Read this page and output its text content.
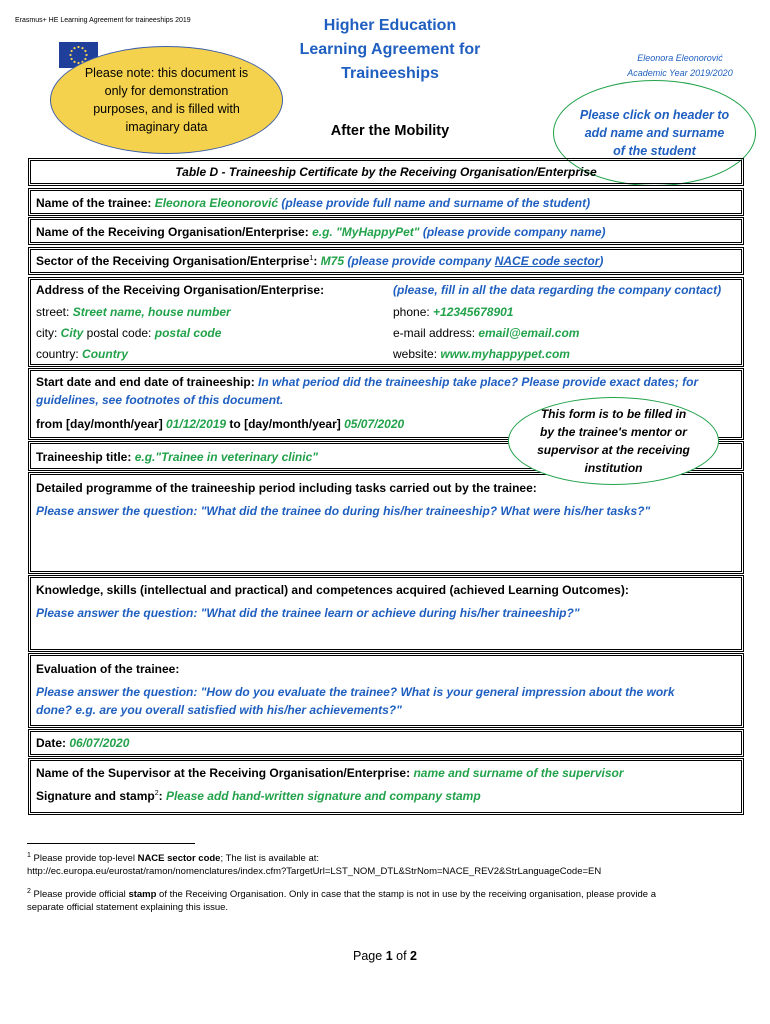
Erasmus+ HE Learning Agreement for traineeships 2019
Please note: this document is only for demonstration purposes, and is filled with imaginary data
Higher Education
Learning Agreement for
Traineeships
After the Mobility
Eleonora Eleonorović
Academic Year 2019/2020
Please click on header to add name and surname of the student
Table D - Traineeship Certificate by the Receiving Organisation/Enterprise
Name of the trainee: Eleonora Eleonorović (please provide full name and surname of the student)
Name of the Receiving Organisation/Enterprise: e.g. "MyHappyPet" (please provide company name)
Sector of the Receiving Organisation/Enterprise$^1$: M75 (please provide company NACE code sector)
Address of the Receiving Organisation/Enterprise:	(please, fill in all the data regarding the company contact)
street: Street name, house number	phone: +12345678901
city: City postal code: postal code	e-mail address: email@email.com
country: Country	website: www.myhappypet.com
Start date and end date of traineeship: In what period did the traineeship take place? Please provide exact dates; for
guidelines, see footnotes of this document.
from [day/month/year] 01/12/2019 to [day/month/year] 05/07/2020
Traineeship title: e.g."Trainee in veterinary clinic"
This form is to be filled in by the trainee's mentor or supervisor at the receiving institution
Detailed programme of the traineeship period including tasks carried out by the trainee:
Please answer the question: "What did the trainee do during his/her traineeship? What were his/her tasks?"
Knowledge, skills (intellectual and practical) and competences acquired (achieved Learning Outcomes):
Please answer the question: "What did the trainee learn or achieve during his/her traineeship?"
Evaluation of the trainee:
Please answer the question: "How do you evaluate the trainee? What is your general impression about the work
done? e.g. are you overall satisfied with his/her achievements?"
Date: 06/07/2020
Name of the Supervisor at the Receiving Organisation/Enterprise: name and surname of the supervisor
Signature and stamp$^2$: Please add hand-written signature and company stamp
$^1$ Please provide top-level NACE sector code; The list is available at:
http://ec.europa.eu/eurostat/ramon/nomenclatures/index.cfm?TargetUrl=LST_NOM_DTL&StrNom=NACE_REV2&StrLanguageCode=EN
$^2$ Please provide official stamp of the Receiving Organisation. Only in case that the stamp is not in use by the receiving organisation, please provide a
separate official statement explaining this issue.
Page 1 of 2
